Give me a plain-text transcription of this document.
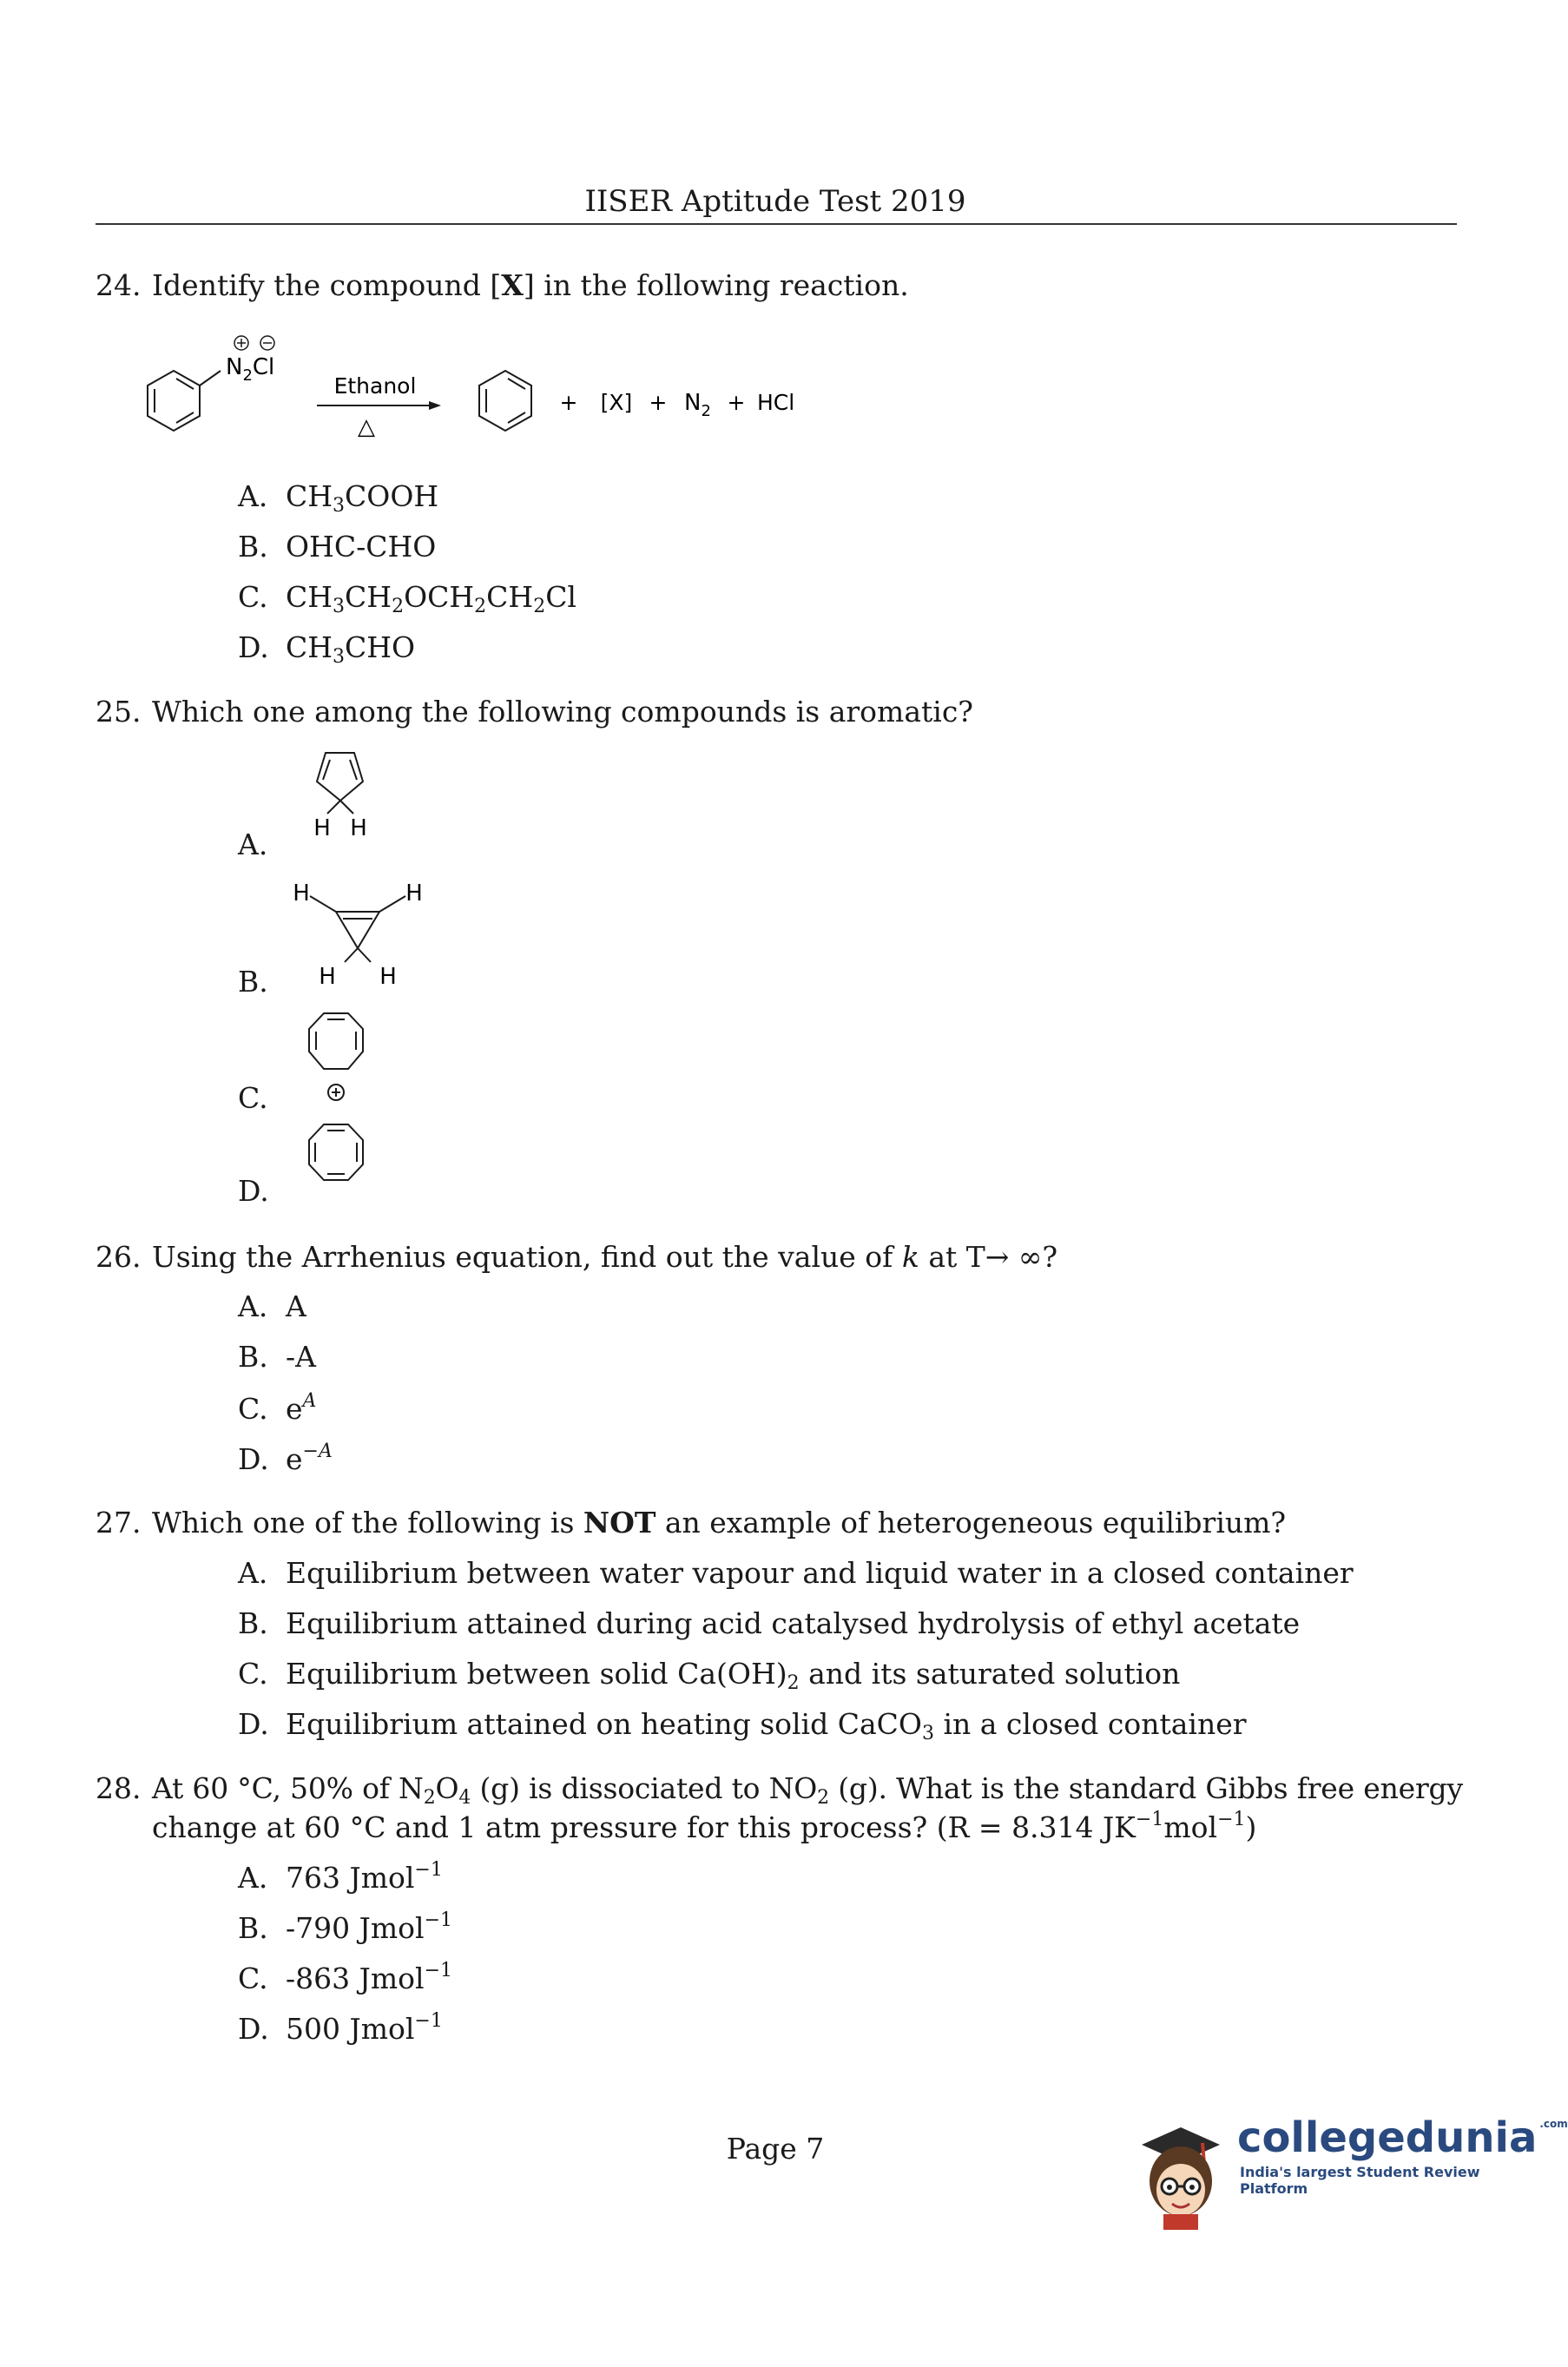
IISER Aptitude Test 2019
24. Identify the compound [X] in the following reaction.
$N_2Cl$
Ethanol
△
+ $[X] + N_2$ + HCl
A. $CH_3COOH$
B. OHC-CHO
C. $CH_3CH_2OCH_2CH_2Cl$
D. $CH_3CHO$
25. Which one among the following compounds is aromatic?
A.	H H
B.
H	H
H H
C.
D.
26. Using the Arrhenius equation, find out the value of k at T→ ∞?
A. A
B. -A
C. $e^A$
D. $e^{-A}$
27. Which one of the following is NOT an example of heterogeneous equilibrium?
A. Equilibrium between water vapour and liquid water in a closed container
B. Equilibrium attained during acid catalysed hydrolysis of ethyl acetate
C. Equilibrium between solid $Ca(OH)_2$ and its saturated solution
D. Equilibrium attained on heating solid CaCO$_3$ in a closed container
28. At 60 °C, 50% of $N_2O_4$ (g) is dissociated to $NO_2$ (g). What is the standard Gibbs free energy
change at 60 °C and 1 atm pressure for this process? (R = 8.314 $JK^{-1}mol^{-1}$)
A. 763 Jmol$^{-1}$
B. -790 Jmol$^{-1}$
C. -863 Jmol$^{-1}$
D. 500 Jmol$^{-1}$
Page 7	collegedunia $^{.com}$
India's largest Student Review Platform
